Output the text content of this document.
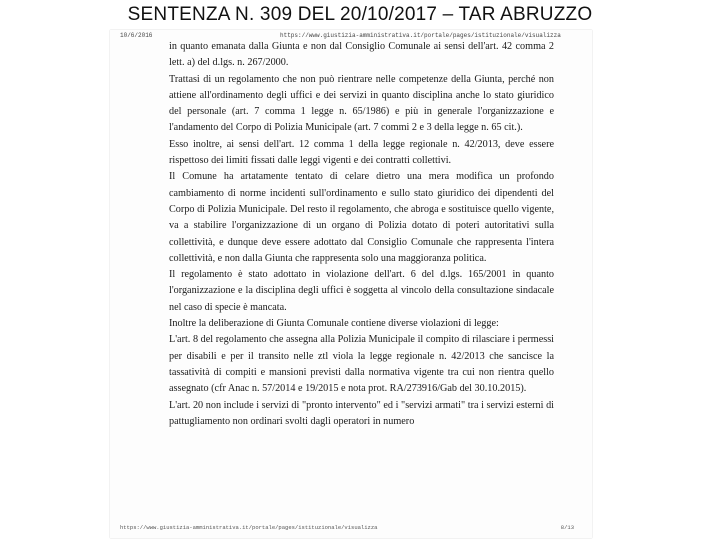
SENTENZA N. 309 DEL 20/10/2017 – TAR ABRUZZO
10/6/2016	https://www.giustizia-amministrativa.it/portale/pages/istituzionale/visualizza

in quanto emanata dalla Giunta e non dal Consiglio Comunale ai sensi dell'art. 42 comma 2 lett. a) del d.lgs. n. 267/2000.

Trattasi di un regolamento che non può rientrare nelle competenze della Giunta, perché non attiene all'ordinamento degli uffici e dei servizi in quanto disciplina anche lo stato giuridico del personale (art. 7 comma 1 legge n. 65/1986) e più in generale l'organizzazione e l'andamento del Corpo di Polizia Municipale (art. 7 commi 2 e 3 della legge n. 65 cit.).

Esso inoltre, ai sensi dell'art. 12 comma 1 della legge regionale n. 42/2013, deve essere rispettoso dei limiti fissati dalle leggi vigenti e dei contratti collettivi.

Il Comune ha artatamente tentato di celare dietro una mera modifica un profondo cambiamento di norme incidenti sull'ordinamento e sullo stato giuridico dei dipendenti del Corpo di Polizia Municipale. Del resto il regolamento, che abroga e sostituisce quello vigente, va a stabilire l'organizzazione di un organo di Polizia dotato di poteri autoritativi sulla collettività, e dunque deve essere adottato dal Consiglio Comunale che rappresenta l'intera collettività, e non dalla Giunta che rappresenta solo una maggioranza politica.

Il regolamento è stato adottato in violazione dell'art. 6 del d.lgs. 165/2001 in quanto l'organizzazione e la disciplina degli uffici è soggetta al vincolo della consultazione sindacale nel caso di specie è mancata.

Inoltre la deliberazione di Giunta Comunale contiene diverse violazioni di legge:

L'art. 8 del regolamento che assegna alla Polizia Municipale il compito di rilasciare i permessi per disabili e per il transito nelle ztl viola la legge regionale n. 42/2013 che sancisce la tassatività di compiti e mansioni previsti dalla normativa vigente tra cui non rientra quello assegnato (cfr Anac n. 57/2014 e 19/2015 e nota prot. RA/273916/Gab del 30.10.2015).

L'art. 20 non include i servizi di "pronto intervento" ed i "servizi armati" tra i servizi esterni di pattugliamento non ordinari svolti dagli operatori in numero

https://www.giustizia-amministrativa.it/portale/pages/istituzionale/visualizza	8/13
